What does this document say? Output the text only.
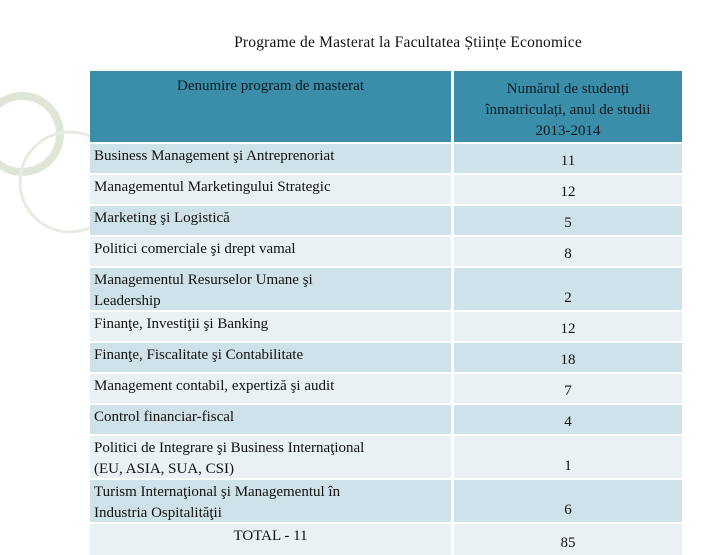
Programe de Masterat la Facultatea Științe Economice
Denumire program de masterat	Numărul de studenți
înmatriculați, anul de studii
2013-2014
Business Management şi Antreprenoriat	11
Managementul Marketingului Strategic	12
Marketing şi Logistică	5
Politici comerciale şi drept vamal	8
Managementul Resurselor Umane şi
Leadership	2
Finanţe, Investiţii şi Banking	12
Finanţe, Fiscalitate şi Contabilitate	18
Management contabil, expertiză şi audit	7
Control financiar-fiscal	4
Politici de Integrare şi Business Internaţional
(EU, ASIA, SUA, CSI)	1
Turism Internaţional şi Managementul în
Industria Ospitalităţii	6
TOTAL - 11	85
